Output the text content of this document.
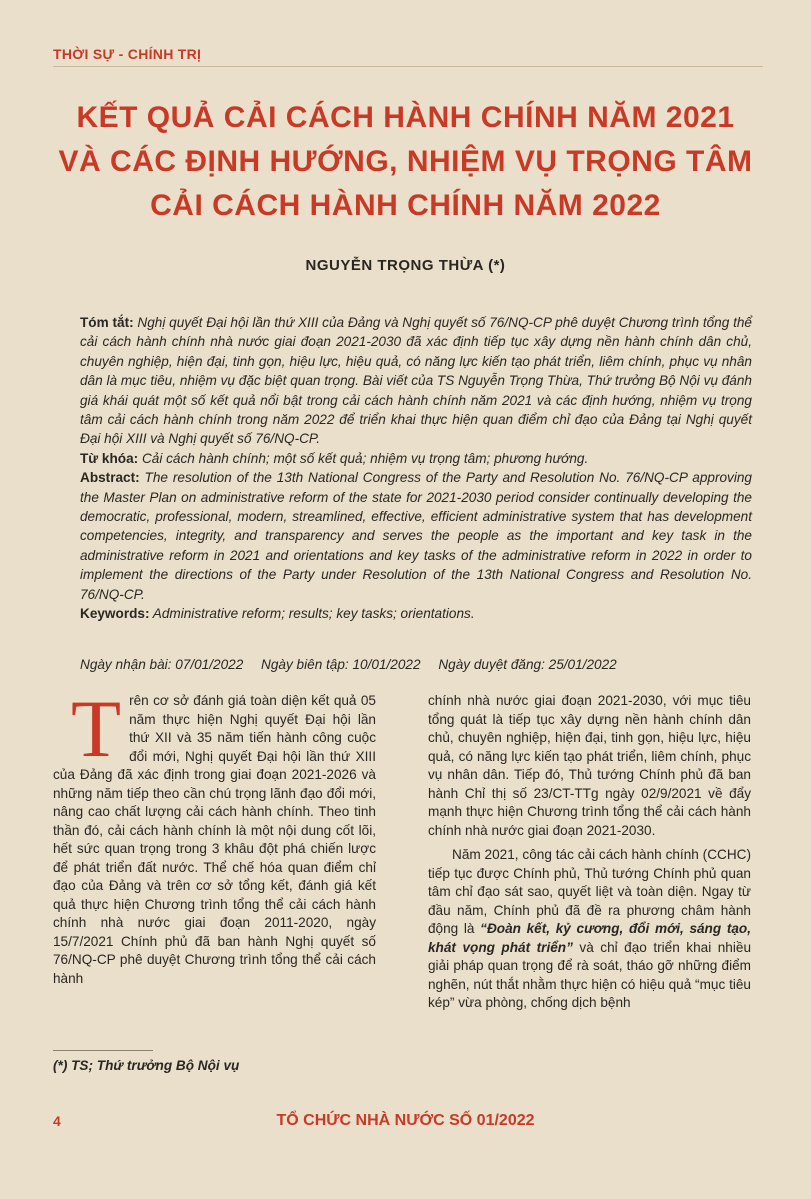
THỜI SỰ - CHÍNH TRỊ
KẾT QUẢ CẢI CÁCH HÀNH CHÍNH NĂM 2021
VÀ CÁC ĐỊNH HƯỚNG, NHIỆM VỤ TRỌNG TÂM
CẢI CÁCH HÀNH CHÍNH NĂM 2022
NGUYỄN TRỌNG THỪA (*)

Tóm tắt: Nghị quyết Đại hội lần thứ XIII của Đảng và Nghị quyết số 76/NQ-CP phê duyệt Chương trình tổng thể cải cách hành chính nhà nước giai đoạn 2021-2030 đã xác định tiếp tục xây dựng nền hành chính dân chủ, chuyên nghiệp, hiện đại, tinh gọn, hiệu lực, hiệu quả, có năng lực kiến tạo phát triển, liêm chính, phục vụ nhân dân là mục tiêu, nhiệm vụ đặc biệt quan trọng. Bài viết của TS Nguyễn Trọng Thừa, Thứ trưởng Bộ Nội vụ đánh giá khái quát một số kết quả nổi bật trong cải cách hành chính năm 2021 và các định hướng, nhiệm vụ trọng tâm cải cách hành chính trong năm 2022 để triển khai thực hiện quan điểm chỉ đạo của Đảng tại Nghị quyết Đại hội XIII và Nghị quyết số 76/NQ-CP.

Từ khóa: Cải cách hành chính; một số kết quả; nhiệm vụ trọng tâm; phương hướng.

Abstract: The resolution of the 13th National Congress of the Party and Resolution No. 76/NQ-CP approving the Master Plan on administrative reform of the state for 2021-2030 period consider continually developing the democratic, professional, modern, streamlined, effective, efficient administrative system that has development competencies, integrity, and transparency and serves the people as the important and key task in the administrative reform in 2021 and orientations and key tasks of the administrative reform in 2022 in order to implement the directions of the Party under Resolution of the 13th National Congress and Resolution No. 76/NQ-CP.

Keywords: Administrative reform; results; key tasks; orientations.

Ngày nhận bài: 07/01/2022 Ngày biên tập: 10/01/2022 Ngày duyệt đăng: 25/01/2022

Trên cơ sở đánh giá toàn diện kết quả 05 năm thực hiện Nghị quyết Đại hội lần thứ XII và 35 năm tiến hành công cuộc đổi mới, Nghị quyết Đại hội lần thứ XIII của Đảng đã xác định trong giai đoạn 2021-2026 và những năm tiếp theo cần chú trọng lãnh đạo đổi mới, nâng cao chất lượng cải cách hành chính. Theo tinh thần đó, cải cách hành chính là một nội dung cốt lõi, hết sức quan trọng trong 3 khâu đột phá chiến lược để phát triển đất nước. Thể chế hóa quan điểm chỉ đạo của Đảng và trên cơ sở tổng kết, đánh giá kết quả thực hiện Chương trình tổng thể cải cách hành chính nhà nước giai đoạn 2011-2020, ngày 15/7/2021 Chính phủ đã ban hành Nghị quyết số 76/NQ-CP phê duyệt Chương trình tổng thể cải cách hành

chính nhà nước giai đoạn 2021-2030, với mục tiêu tổng quát là tiếp tục xây dựng nền hành chính dân chủ, chuyên nghiệp, hiện đại, tinh gọn, hiệu lực, hiệu quả, có năng lực kiến tạo phát triển, liêm chính, phục vụ nhân dân. Tiếp đó, Thủ tướng Chính phủ đã ban hành Chỉ thị số 23/CT-TTg ngày 02/9/2021 về đẩy mạnh thực hiện Chương trình tổng thể cải cách hành chính nhà nước giai đoạn 2021-2030.

Năm 2021, công tác cải cách hành chính (CCHC) tiếp tục được Chính phủ, Thủ tướng Chính phủ quan tâm chỉ đạo sát sao, quyết liệt và toàn diện. Ngay từ đầu năm, Chính phủ đã đề ra phương châm hành động là “Đoàn kết, kỷ cương, đổi mới, sáng tạo, khát vọng phát triển” và chỉ đạo triển khai nhiều giải pháp quan trọng để rà soát, tháo gỡ những điểm nghẽn, nút thắt nhằm thực hiện có hiệu quả “mục tiêu kép” vừa phòng, chống dịch bệnh

(*) TS; Thứ trưởng Bộ Nội vụ
4	TỔ CHỨC NHÀ NƯỚC SỐ 01/2022
